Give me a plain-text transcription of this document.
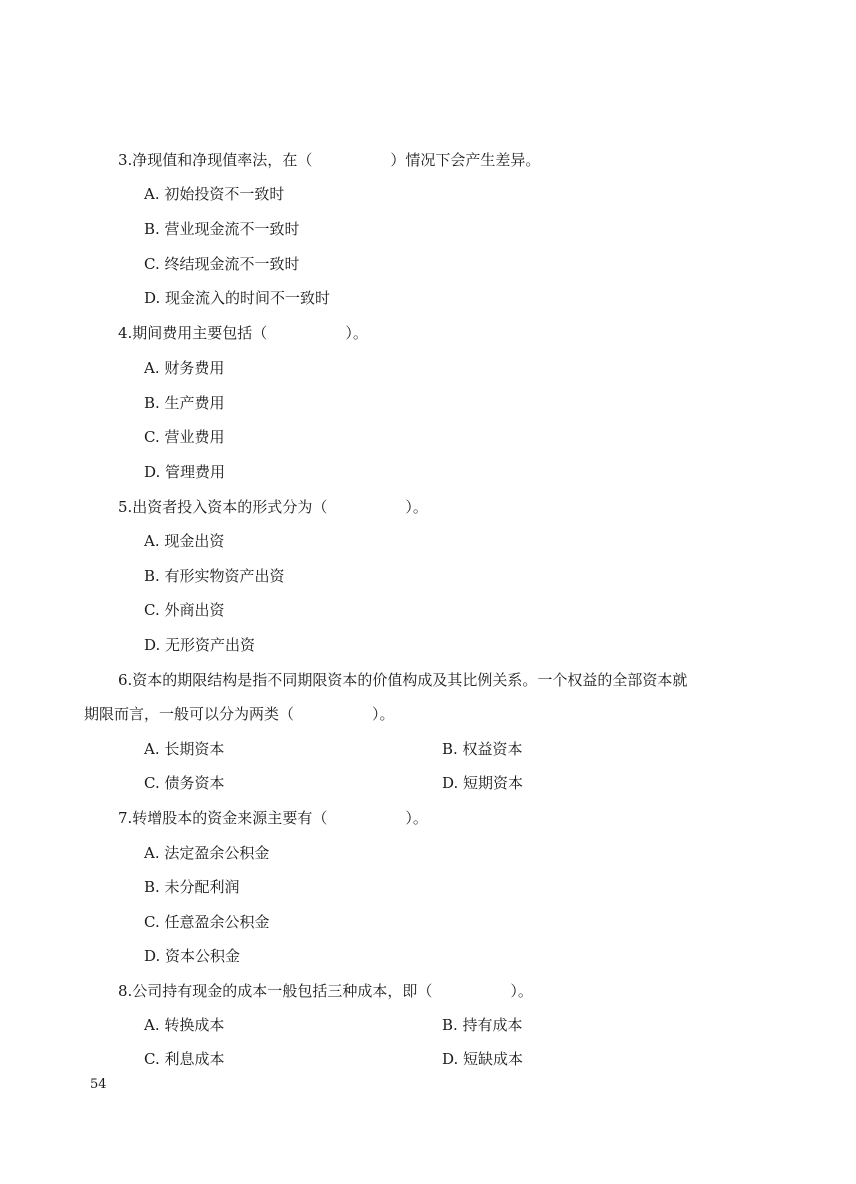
3.净现值和净现值率法，在（	）情况下会产生差异。
A. 初始投资不一致时
B. 营业现金流不一致时
C. 终结现金流不一致时
D. 现金流入的时间不一致时
4.期间费用主要包括（	）。
A. 财务费用
B. 生产费用
C. 营业费用
D. 管理费用
5.出资者投入资本的形式分为（	）。
A. 现金出资
B. 有形实物资产出资
C. 外商出资
D. 无形资产出资
6.资本的期限结构是指不同期限资本的价值构成及其比例关系。一个权益的全部资本就
期限而言，一般可以分为两类（	）。
A. 长期资本	B. 权益资本
C. 债务资本	D. 短期资本
7.转增股本的资金来源主要有（	）。
A. 法定盈余公积金
B. 未分配利润
C. 任意盈余公积金
D. 资本公积金
8.公司持有现金的成本一般包括三种成本，即（	）。
A. 转换成本	B. 持有成本
C. 利息成本	D. 短缺成本
54
